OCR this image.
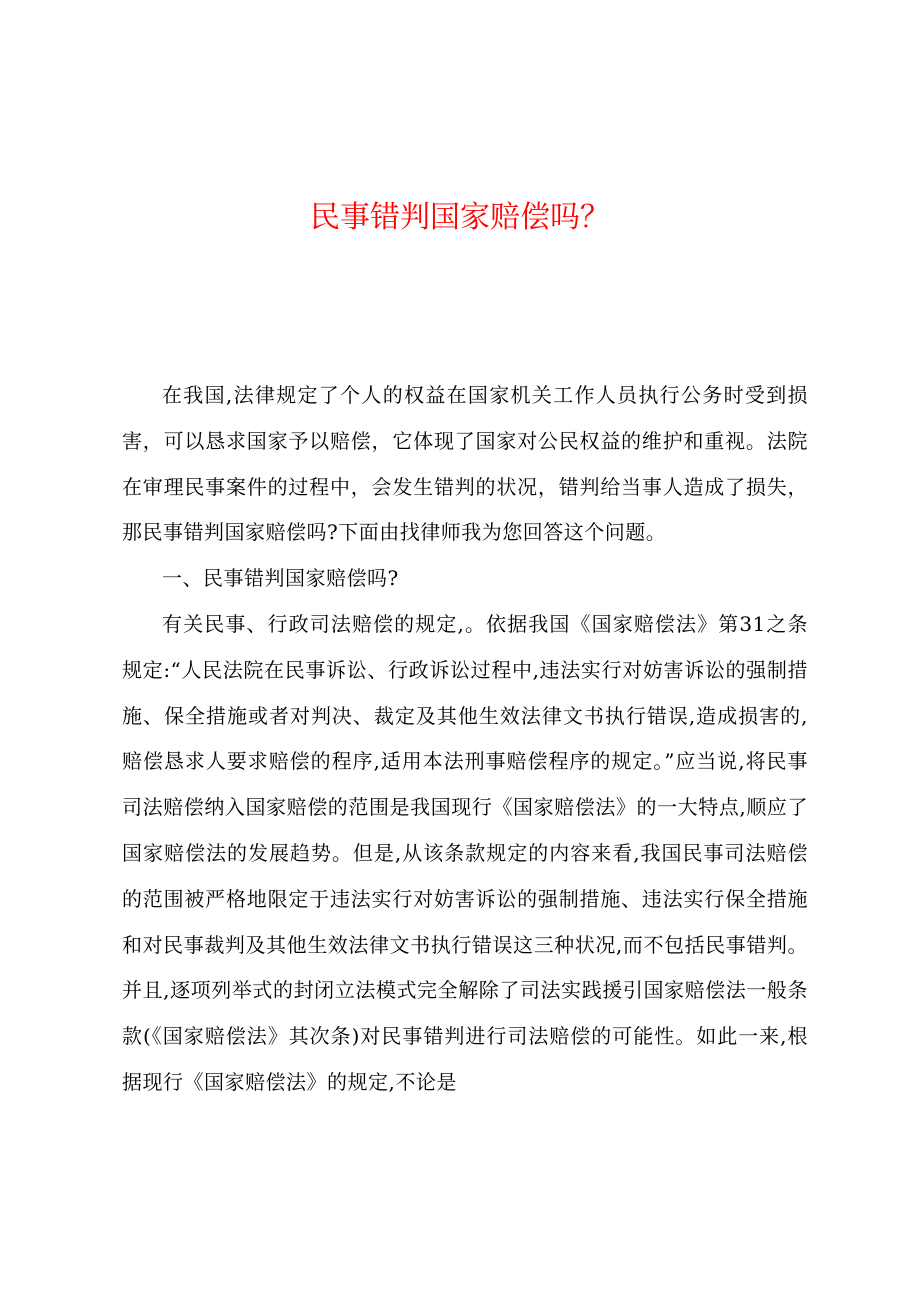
民事错判国家赔偿吗？

在我国,法律规定了个人的权益在国家机关工作人员执行公务时受到损害，可以恳求国家予以赔偿，它体现了国家对公民权益的维护和重视。法院在审理民事案件的过程中，会发生错判的状况，错判给当事人造成了损失，那民事错判国家赔偿吗?下面由找律师我为您回答这个问题。

一、民事错判国家赔偿吗?

有关民事、行政司法赔偿的规定,。依据我国《国家赔偿法》第31之条规定:“人民法院在民事诉讼、行政诉讼过程中,违法实行对妨害诉讼的强制措施、保全措施或者对判决、裁定及其他生效法律文书执行错误,造成损害的,赔偿恳求人要求赔偿的程序,适用本法刑事赔偿程序的规定。”应当说,将民事司法赔偿纳入国家赔偿的范围是我国现行《国家赔偿法》的一大特点,顺应了国家赔偿法的发展趋势。但是,从该条款规定的内容来看,我国民事司法赔偿的范围被严格地限定于违法实行对妨害诉讼的强制措施、违法实行保全措施和对民事裁判及其他生效法律文书执行错误这三种状况,而不包括民事错判。并且,逐项列举式的封闭立法模式完全解除了司法实践援引国家赔偿法一般条款(《国家赔偿法》其次条)对民事错判进行司法赔偿的可能性。如此一来,根据现行《国家赔偿法》的规定,不论是
